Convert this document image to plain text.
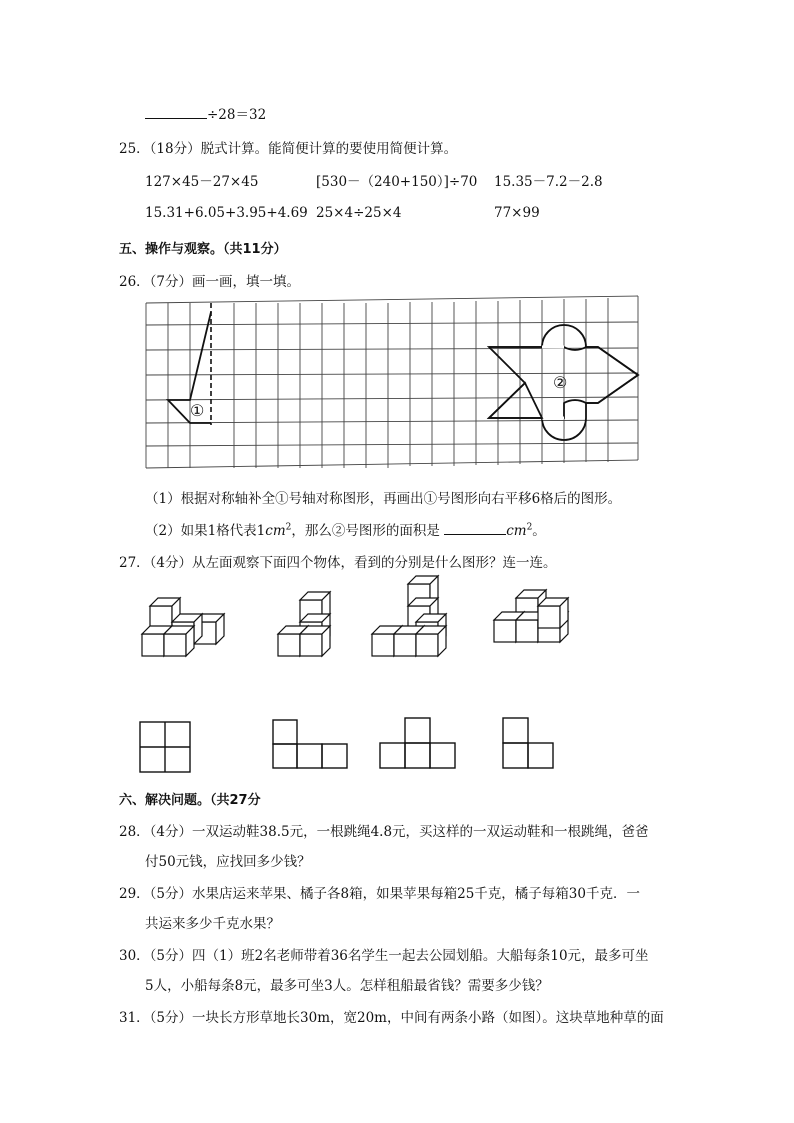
÷28＝32
25．（18分）脱式计算。能简便计算的要使用简便计算。
127×45－27×45	[530－（240+150）]÷70 15.35－7.2－2.8
15.31+6.05+3.95+4.69 25×4÷25×4	77×99
五、操作与观察。（共11分）
26．（7分）画一画，填一填。
①
②
（1）根据对称轴补全①号轴对称图形，再画出①号图形向右平移6格后的图形。
（2）如果1格代表$1cm^2$，那么②号图形的面积是	$cm^2$。
27．（4分）从左面观察下面四个物体，看到的分别是什么图形？连一连。
六、解决问题。（共27分
28．（4分）一双运动鞋38.5元，一根跳绳4.8元，买这样的一双运动鞋和一根跳绳，爸爸
付50元钱，应找回多少钱？
29．（5分）水果店运来苹果、橘子各8箱，如果苹果每箱25千克，橘子每箱30千克．一
共运来多少千克水果？
30．（5分）四（1）班2名老师带着36名学生一起去公园划船。大船每条10元，最多可坐
5人，小船每条8元，最多可坐3人。怎样租船最省钱？需要多少钱？
31．（5分）一块长方形草地长30m，宽20m，中间有两条小路（如图）。这块草地种草的面
